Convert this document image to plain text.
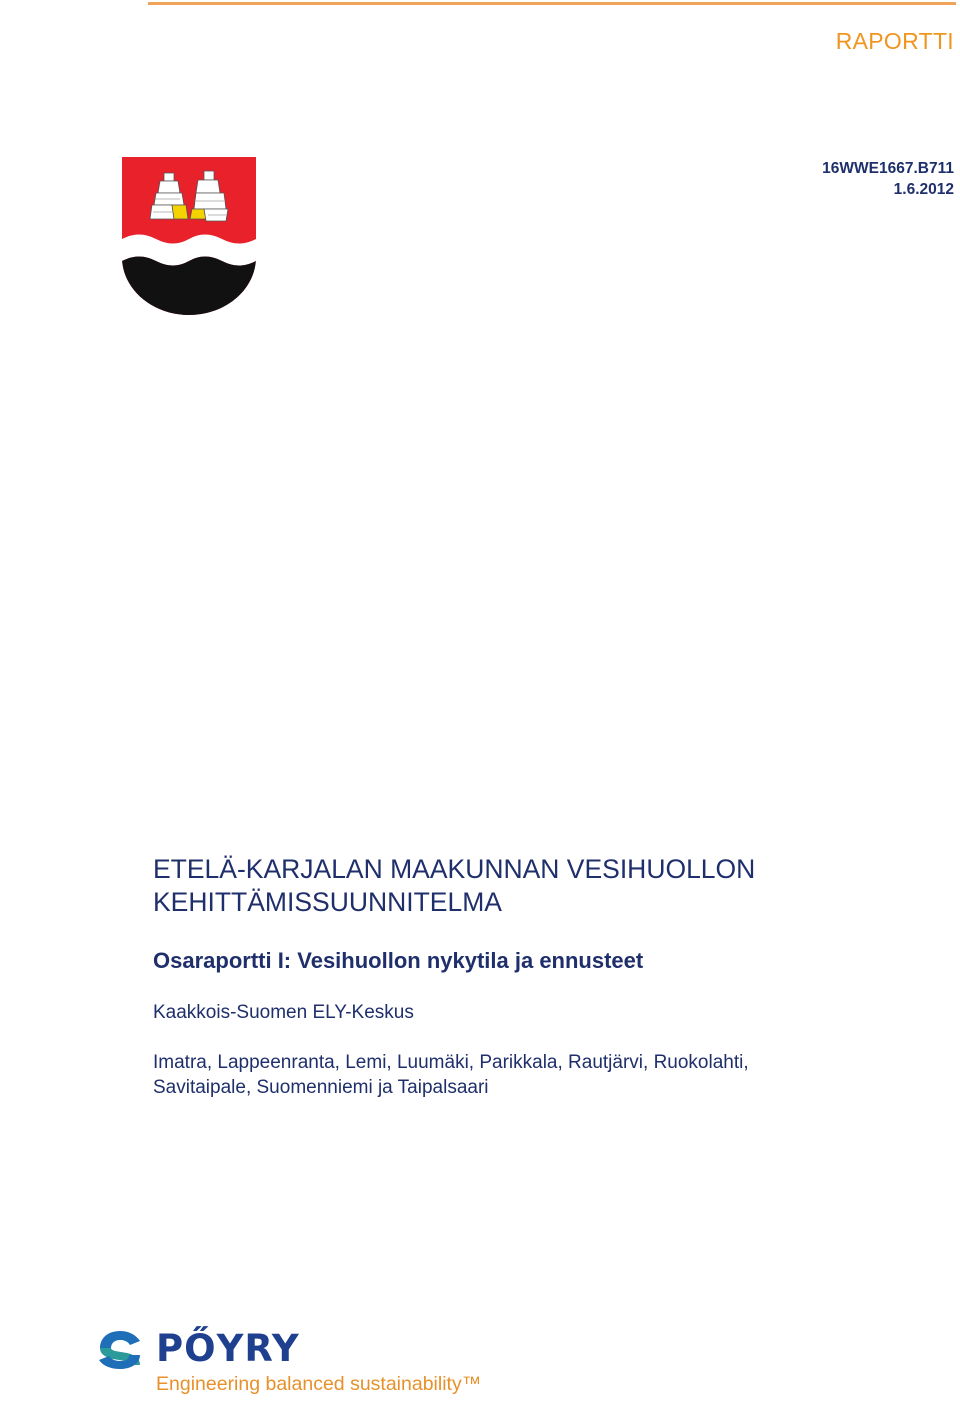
RAPORTTI
16WWE1667.B711
1.6.2012
ETELÄ-KARJALAN MAAKUNNAN VESIHUOLLON
KEHITTÄMISSUUNNITELMA
Osaraportti I: Vesihuollon nykytila ja ennusteet

Kaakkois-Suomen ELY-Keskus

Imatra, Lappeenranta, Lemi, Luumäki, Parikkala, Rautjärvi, Ruokolahti,
Savitaipale, Suomenniemi ja Taipalsaari

PŐYRY
Engineering balanced sustainability™
